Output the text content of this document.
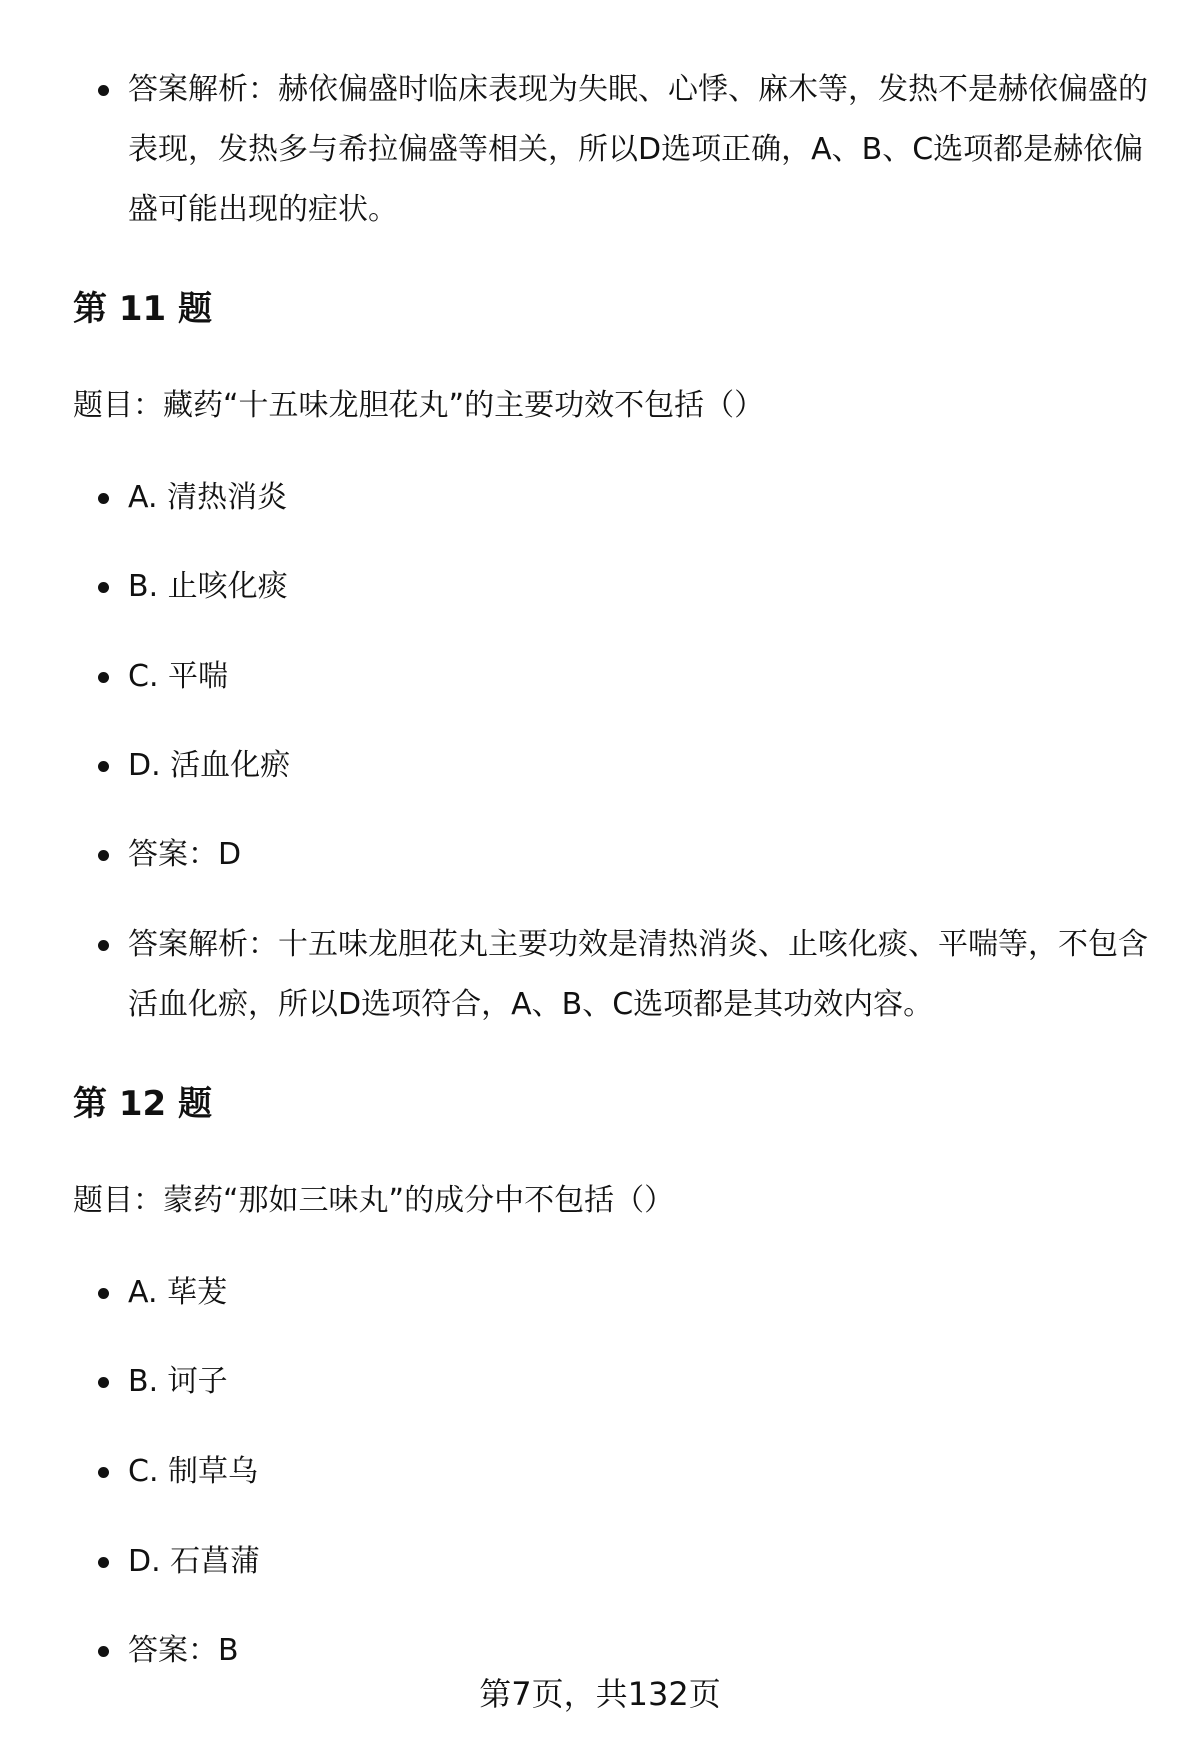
答案解析：赫依偏盛时临床表现为失眠、心悸、麻木等，发热不是赫依偏盛的表现，发热多与希拉偏盛等相关，所以D选项正确，A、B、C选项都是赫依偏盛可能出现的症状。
第 11 题
题目：藏药“十五味龙胆花丸”的主要功效不包括（）
A. 清热消炎
B. 止咳化痰
C. 平喘
D. 活血化瘀
答案：D
答案解析：十五味龙胆花丸主要功效是清热消炎、止咳化痰、平喘等，不包含活血化瘀，所以D选项符合，A、B、C选项都是其功效内容。
第 12 题
题目：蒙药“那如三味丸”的成分中不包括（）
A. 荜茇
B. 诃子
C. 制草乌
D. 石菖蒲
答案：B
第7页，共132页
